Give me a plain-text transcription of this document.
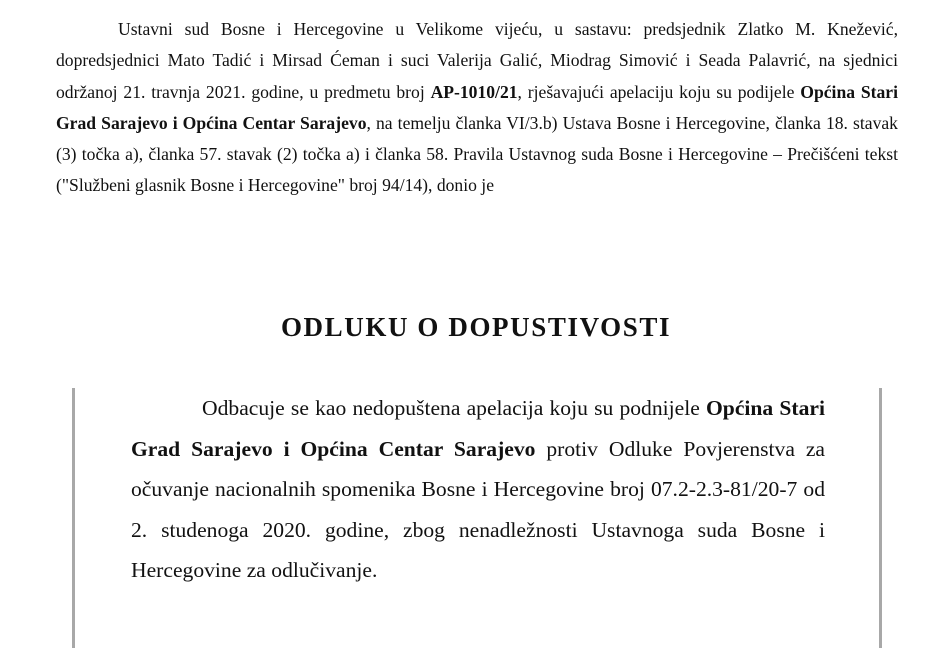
Ustavni sud Bosne i Hercegovine u Velikome vijeću, u sastavu: predsjednik Zlatko M. Knežević, dopredsjednici Mato Tadić i Mirsad Ćeman i suci Valerija Galić, Miodrag Simović i Seada Palavrić, na sjednici održanoj 21. travnja 2021. godine, u predmetu broj AP-1010/21, rješavajući apelaciju koju su podijele Općina Stari Grad Sarajevo i Općina Centar Sarajevo, na temelju članka VI/3.b) Ustava Bosne i Hercegovine, članka 18. stavak (3) točka a), članka 57. stavak (2) točka a) i članka 58. Pravila Ustavnog suda Bosne i Hercegovine – Prečišćeni tekst ("Službeni glasnik Bosne i Hercegovine" broj 94/14), donio je

ODLUKU O DOPUSTIVOSTI

Odbacuje se kao nedopuštena apelacija koju su podnijele Općina Stari Grad Sarajevo i Općina Centar Sarajevo protiv Odluke Povjerenstva za očuvanje nacionalnih spomenika Bosne i Hercegovine broj 07.2-2.3-81/20-7 od 2. studenoga 2020. godine, zbog nenadležnosti Ustavnoga suda Bosne i Hercegovine za odlučivanje.
